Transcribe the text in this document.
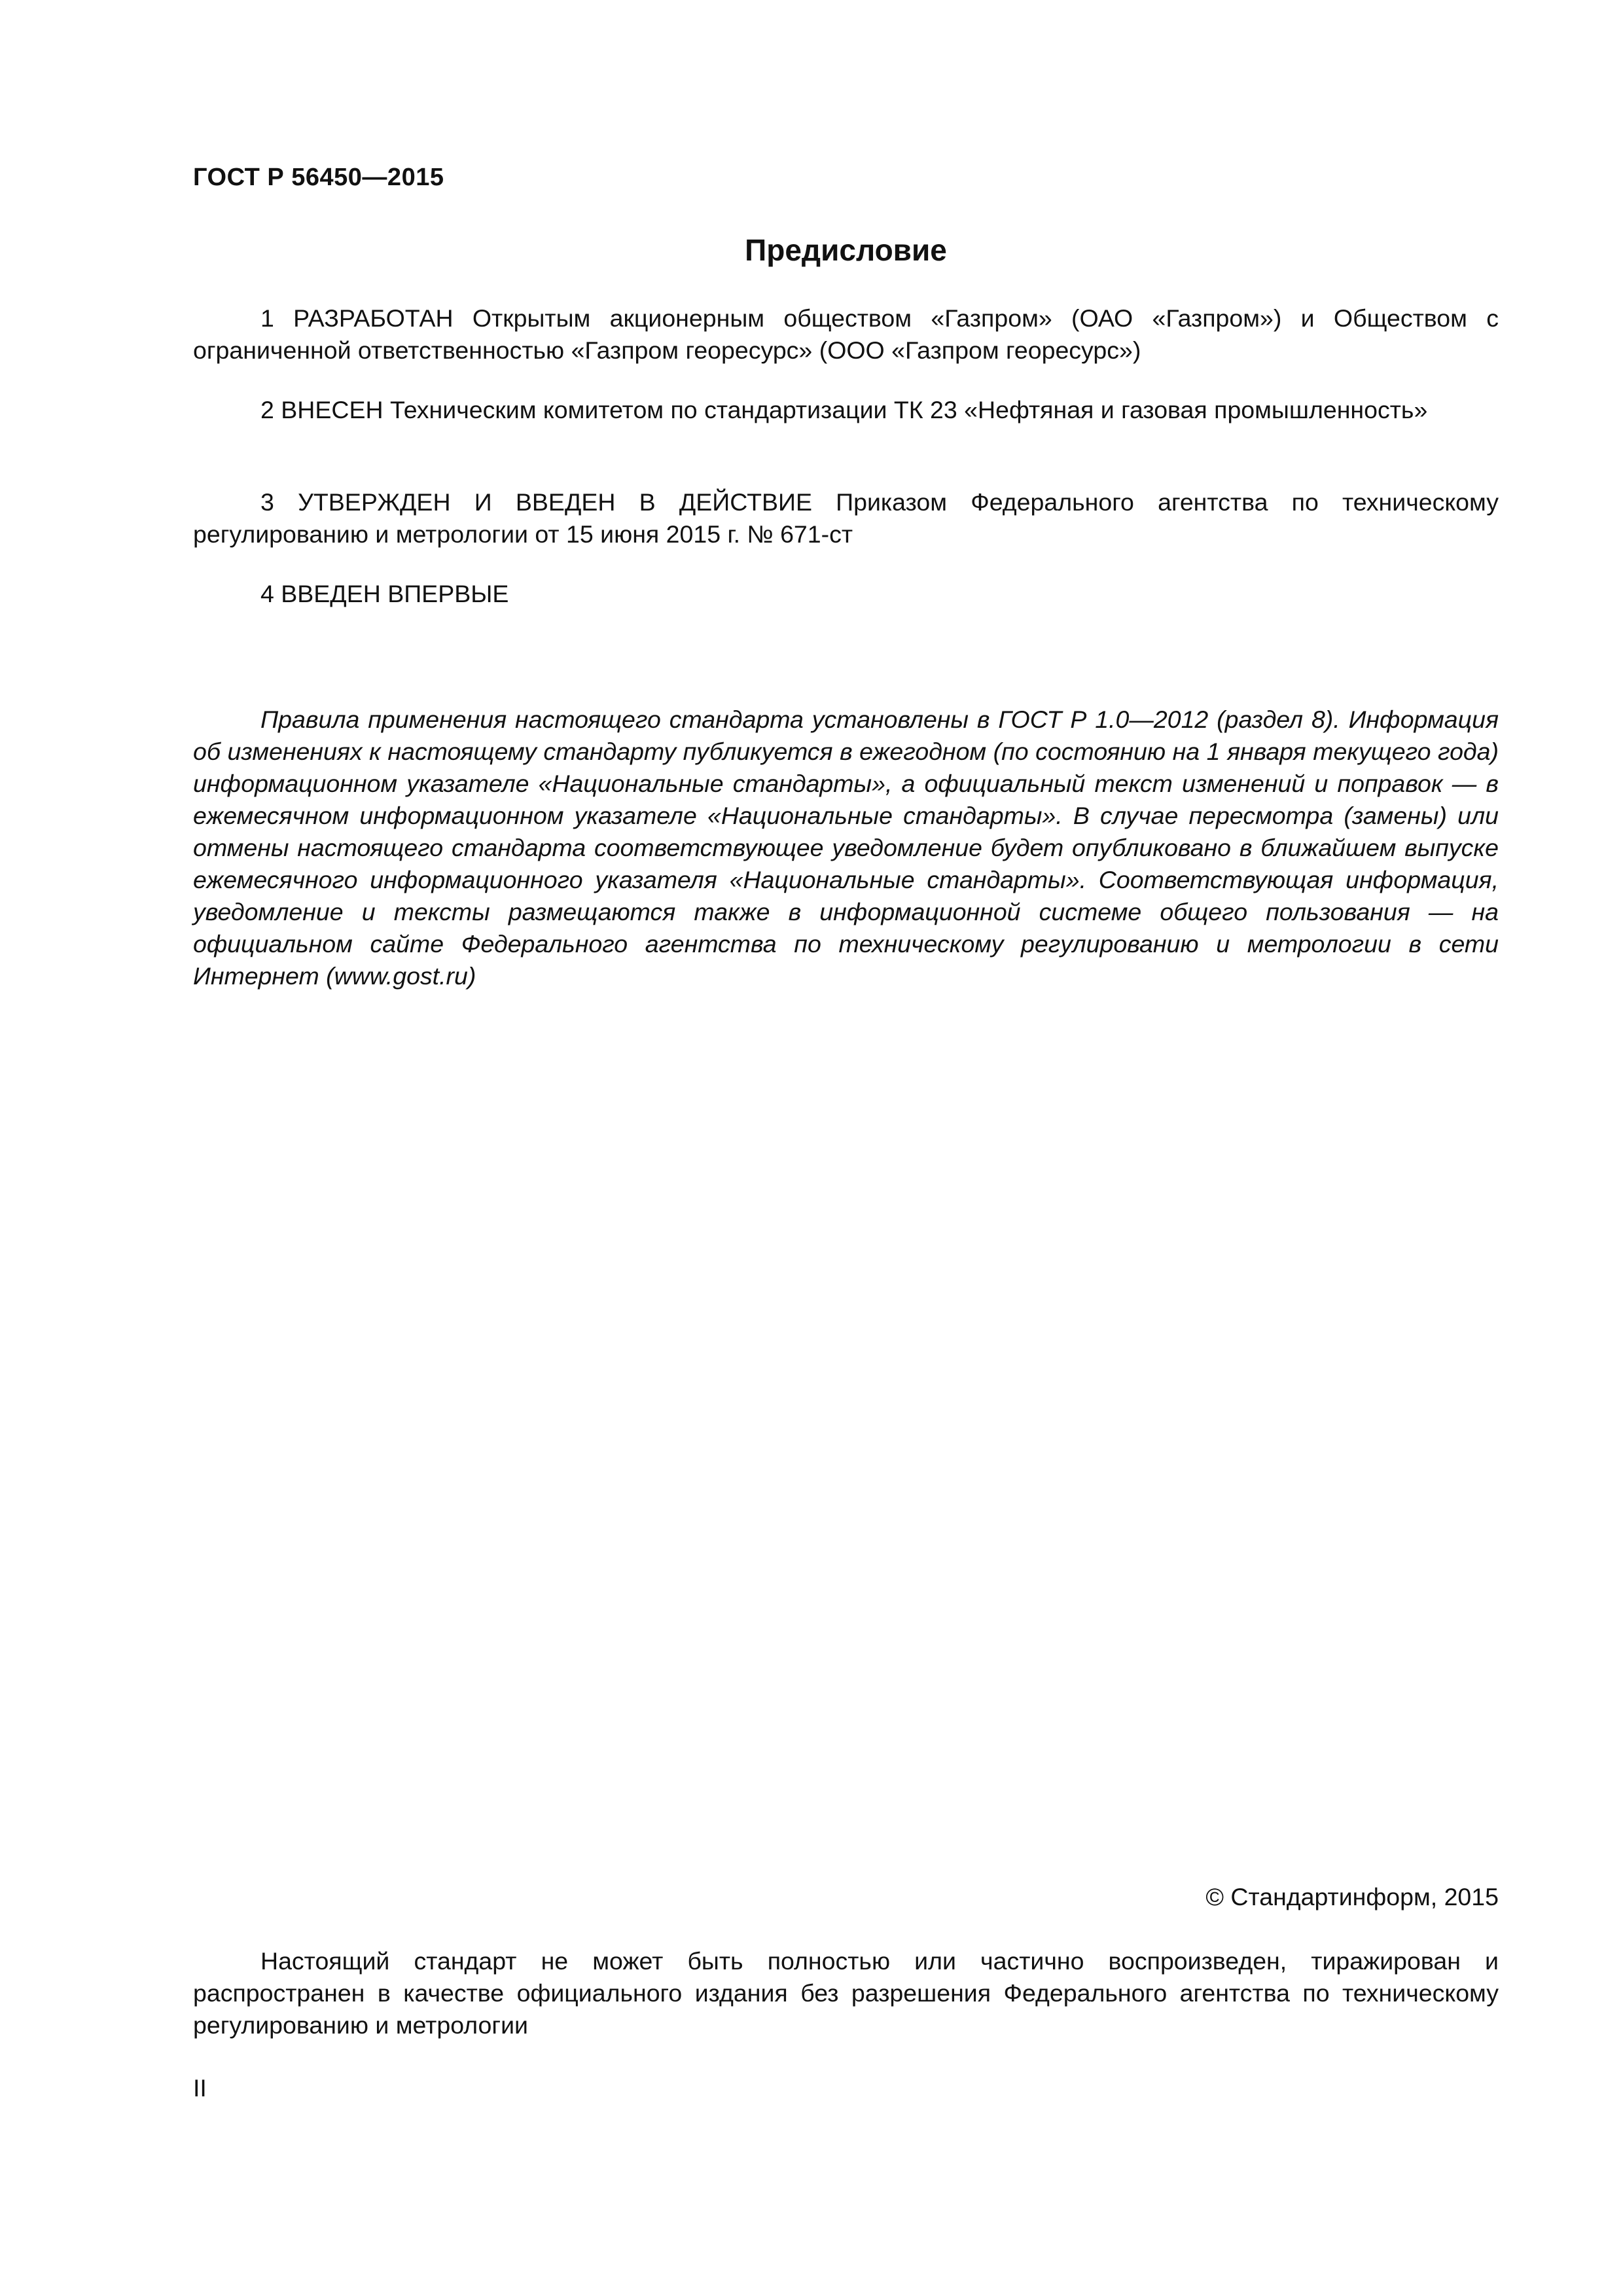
ГОСТ Р 56450—2015
Предисловие

1 РАЗРАБОТАН Открытым акционерным обществом «Газпром» (ОАО «Газпром») и Обществом с ограниченной ответственностью «Газпром георесурс» (ООО «Газпром георесурс»)

2 ВНЕСЕН Техническим комитетом по стандартизации ТК 23 «Нефтяная и газовая промышленность»

3 УТВЕРЖДЕН И ВВЕДЕН В ДЕЙСТВИЕ Приказом Федерального агентства по техническому регулированию и метрологии от 15 июня 2015 г. № 671-ст

4 ВВЕДЕН ВПЕРВЫЕ

Правила применения настоящего стандарта установлены в ГОСТ Р 1.0—2012 (раздел 8). Информация об изменениях к настоящему стандарту публикуется в ежегодном (по состоянию на 1 января текущего года) информационном указателе «Национальные стандарты», а официальный текст изменений и поправок — в ежемесячном информационном указателе «Национальные стандарты». В случае пересмотра (замены) или отмены настоящего стандарта соответствующее уведомление будет опубликовано в ближайшем выпуске ежемесячного информационного указателя «Национальные стандарты». Соответствующая информация, уведомление и тексты размещаются также в информационной системе общего пользования — на официальном сайте Федерального агентства по техническому регулированию и метрологии в сети Интернет (www.gost.ru)

© Стандартинформ, 2015

Настоящий стандарт не может быть полностью или частично воспроизведен, тиражирован и распространен в качестве официального издания без разрешения Федерального агентства по техническому регулированию и метрологии

II
